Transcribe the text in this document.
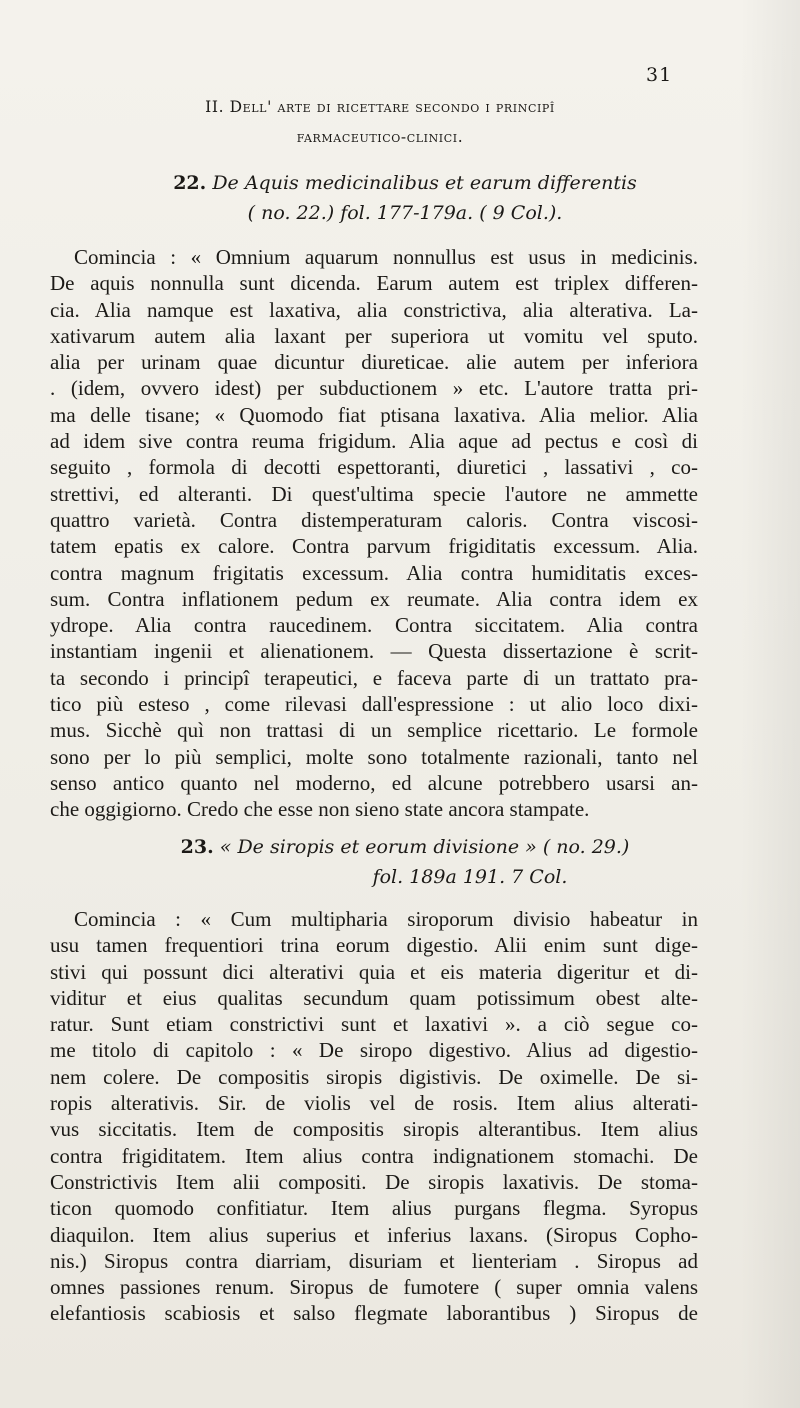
31
II. Dell' arte di ricettare secondo i principî
farmaceutico-clinici.
22. De Aquis medicinalibus et earum differentis
( no. 22.) fol. 177-179a. ( 9 Col.).
Comincia : « Omnium aquarum nonnullus est usus in medicinis.
De aquis nonnulla sunt dicenda. Earum autem est triplex differen-
cia. Alia namque est laxativa, alia constrictiva, alia alterativa. La-
xativarum autem alia laxant per superiora ut vomitu vel sputo.
alia per urinam quae dicuntur diureticae. alie autem per inferiora
. (idem, ovvero idest) per subductionem » etc. L'autore tratta pri-
ma delle tisane; « Quomodo fiat ptisana laxativa. Alia melior. Alia
ad idem sive contra reuma frigidum. Alia aque ad pectus e così di
seguito , formola di decotti espettoranti, diuretici , lassativi , co-
strettivi, ed alteranti. Di quest'ultima specie l'autore ne ammette
quattro varietà. Contra distemperaturam caloris. Contra viscosi-
tatem epatis ex calore. Contra parvum frigiditatis excessum. Alia.
contra magnum frigitatis excessum. Alia contra humiditatis exces-
sum. Contra inflationem pedum ex reumate. Alia contra idem ex
ydrope. Alia contra raucedinem. Contra siccitatem. Alia contra
instantiam ingenii et alienationem. — Questa dissertazione è scrit-
ta secondo i principî terapeutici, e faceva parte di un trattato pra-
tico più esteso , come rilevasi dall'espressione : ut alio loco dixi-
mus. Sicchè quì non trattasi di un semplice ricettario. Le formole
sono per lo più semplici, molte sono totalmente razionali, tanto nel
senso antico quanto nel moderno, ed alcune potrebbero usarsi an-
che oggigiorno. Credo che esse non sieno state ancora stampate.
23. « De siropis et eorum divisione » ( no. 29.)
fol. 189a 191. 7 Col.
Comincia : « Cum multipharia siroporum divisio habeatur in
usu tamen frequentiori trina eorum digestio. Alii enim sunt dige-
stivi qui possunt dici alterativi quia et eis materia digeritur et di-
viditur et eius qualitas secundum quam potissimum obest alte-
ratur. Sunt etiam constrictivi sunt et laxativi ». a ciò segue co-
me titolo di capitolo : « De siropo digestivo. Alius ad digestio-
nem colere. De compositis siropis digistivis. De oximelle. De si-
ropis alterativis. Sir. de violis vel de rosis. Item alius alterati-
vus siccitatis. Item de compositis siropis alterantibus. Item alius
contra frigiditatem. Item alius contra indignationem stomachi. De
Constrictivis Item alii compositi. De siropis laxativis. De stoma-
ticon quomodo confitiatur. Item alius purgans flegma. Syropus
diaquilon. Item alius superius et inferius laxans. (Siropus Copho-
nis.) Siropus contra diarriam, disuriam et lienteriam . Siropus ad
omnes passiones renum. Siropus de fumotere ( super omnia valens
elefantiosis scabiosis et salso flegmate laborantibus ) Siropus de
